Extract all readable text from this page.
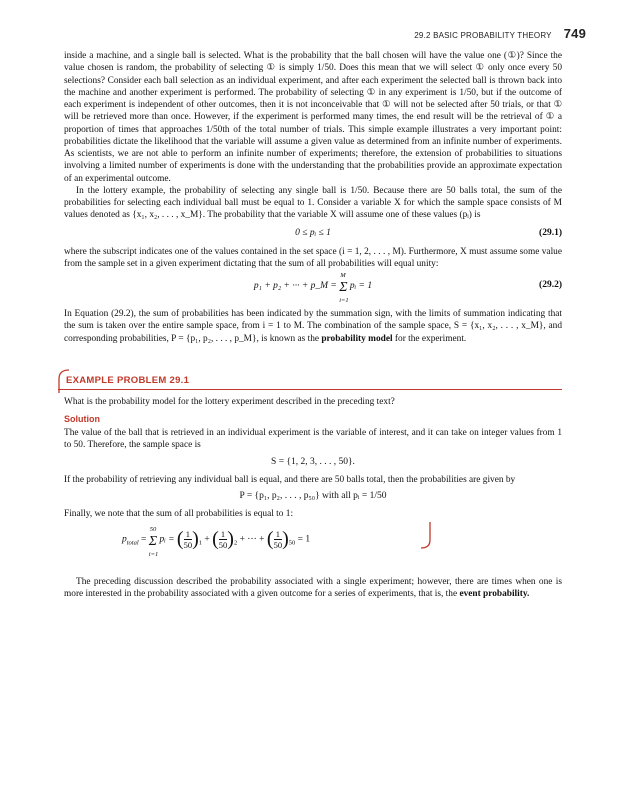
29.2 BASIC PROBABILITY THEORY 749

inside a machine, and a single ball is selected. What is the probability that the ball chosen will have the value one (①)? Since the value chosen is random, the probability of selecting ① is simply 1/50. Does this mean that we will select ① only once every 50 selections? Consider each ball selection as an individual experiment, and after each experiment the selected ball is thrown back into the machine and another experiment is performed. The probability of selecting ① in any experiment is 1/50, but if the outcome of each experiment is independent of other outcomes, then it is not inconceivable that ① will not be selected after 50 trials, or that ① will be retrieved more than once. However, if the experiment is performed many times, the end result will be the retrieval of ① a proportion of times that approaches 1/50th of the total number of trials. This simple example illustrates a very important point: probabilities dictate the likelihood that the variable will assume a given value as determined from an infinite number of experiments. As scientists, we are not able to perform an infinite number of experiments; therefore, the extension of probabilities to situations involving a limited number of experiments is done with the understanding that the probabilities provide an approximate expectation of an experimental outcome.

In the lottery example, the probability of selecting any single ball is 1/50. Because there are 50 balls total, the sum of the probabilities for selecting each individual ball must be equal to 1. Consider a variable X for which the sample space consists of M values denoted as {x₁, x₂, . . . , x_M}. The probability that the variable X will assume one of these values (pᵢ) is

0 ≤ pᵢ ≤ 1	(29.1)

where the subscript indicates one of the values contained in the set space (i = 1, 2, . . . , M). Furthermore, X must assume some value from the sample set in a given experiment dictating that the sum of all probabilities will equal unity:

p₁ + p₂ + ··· + p_M = Σ
M
i=1
pᵢ = 1	(29.2)

In Equation (29.2), the sum of probabilities has been indicated by the summation sign, with the limits of summation indicating that the sum is taken over the entire sample space, from i = 1 to M. The combination of the sample space, S = {x₁, x₂, . . . , x_M}, and corresponding probabilities, P = {p₁, p₂, . . . , p_M}, is known as the probability model for the experiment.

EXAMPLE PROBLEM 29.1

What is the probability model for the lottery experiment described in the preceding text?

Solution

The value of the ball that is retrieved in an individual experiment is the variable of interest, and it can take on integer values from 1 to 50. Therefore, the sample space is

S = {1, 2, 3, . . . , 50}.

If the probability of retrieving any individual ball is equal, and there are 50 balls total, then the probabilities are given by

P = {p₁, p₂, . . . , p₅₀} with all pᵢ = 1/50

Finally, we note that the sum of all probabilities is equal to 1:

$p_{total} = \Sigma$
50
i=1
pᵢ = ( $\frac{1}{50} )_1$ + ( $\frac{1}{50} )_2$ + ··· + ( $\frac{1}{50} )_{50} = 1$

The preceding discussion described the probability associated with a single experiment; however, there are times when one is more interested in the probability associated with a given outcome for a series of experiments, that is, the event probability.
